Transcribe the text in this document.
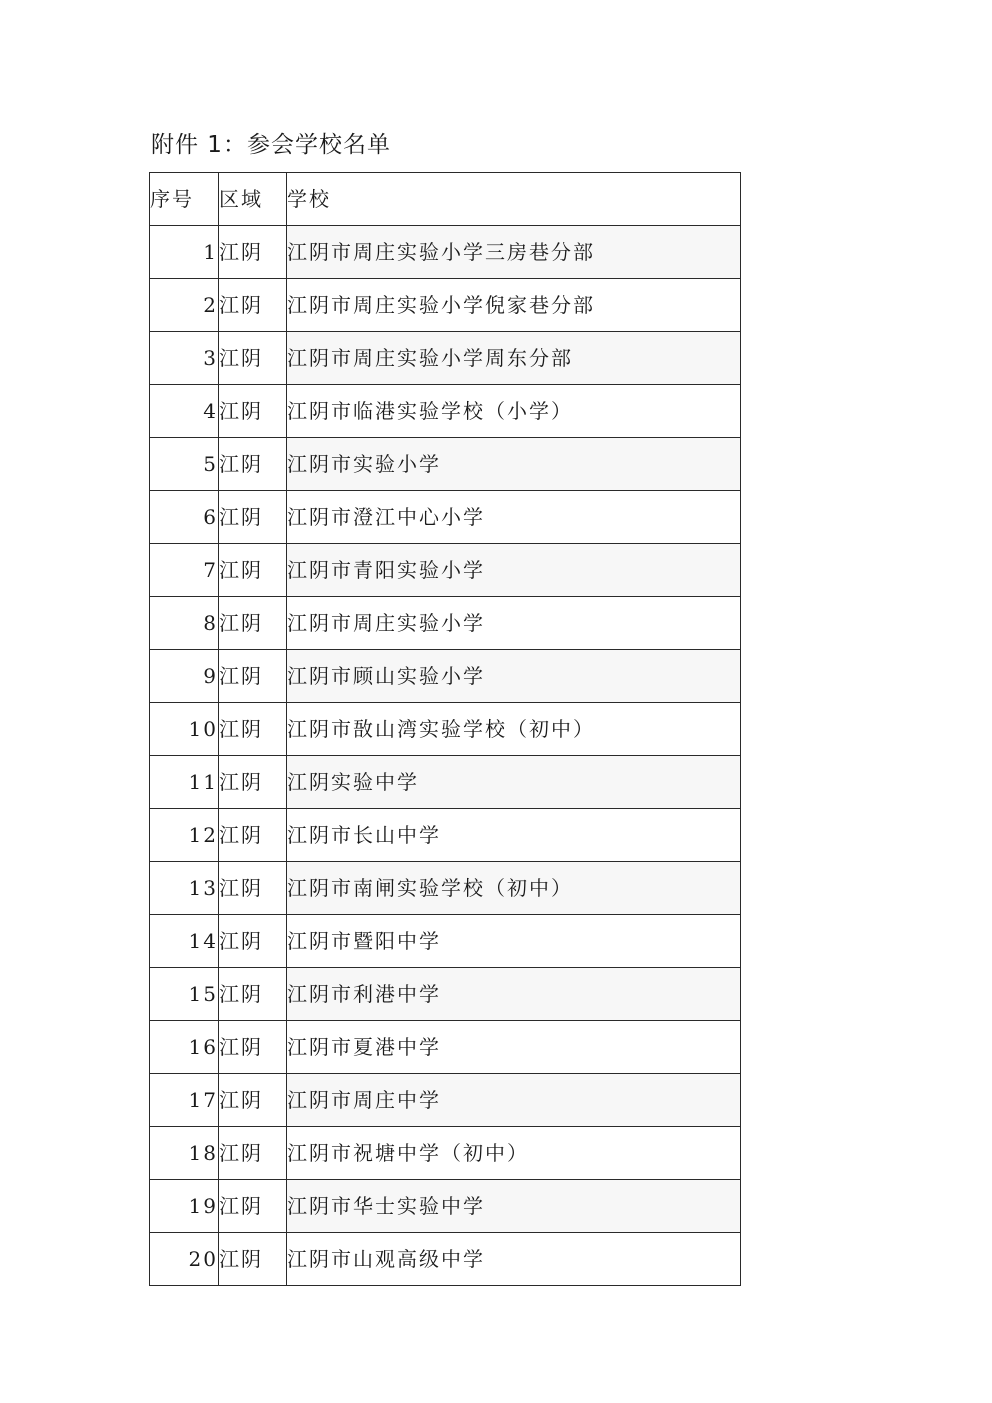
附件 1：参会学校名单
序号	区域	学校
1	江阴	江阴市周庄实验小学三房巷分部
2	江阴	江阴市周庄实验小学倪家巷分部
3	江阴	江阴市周庄实验小学周东分部
4	江阴	江阴市临港实验学校（小学）
5	江阴	江阴市实验小学
6	江阴	江阴市澄江中心小学
7	江阴	江阴市青阳实验小学
8	江阴	江阴市周庄实验小学
9	江阴	江阴市顾山实验小学
10	江阴	江阴市敔山湾实验学校（初中）
11	江阴	江阴实验中学
12	江阴	江阴市长山中学
13	江阴	江阴市南闸实验学校（初中）
14	江阴	江阴市暨阳中学
15	江阴	江阴市利港中学
16	江阴	江阴市夏港中学
17	江阴	江阴市周庄中学
18	江阴	江阴市祝塘中学（初中）
19	江阴	江阴市华士实验中学
20	江阴	江阴市山观高级中学
